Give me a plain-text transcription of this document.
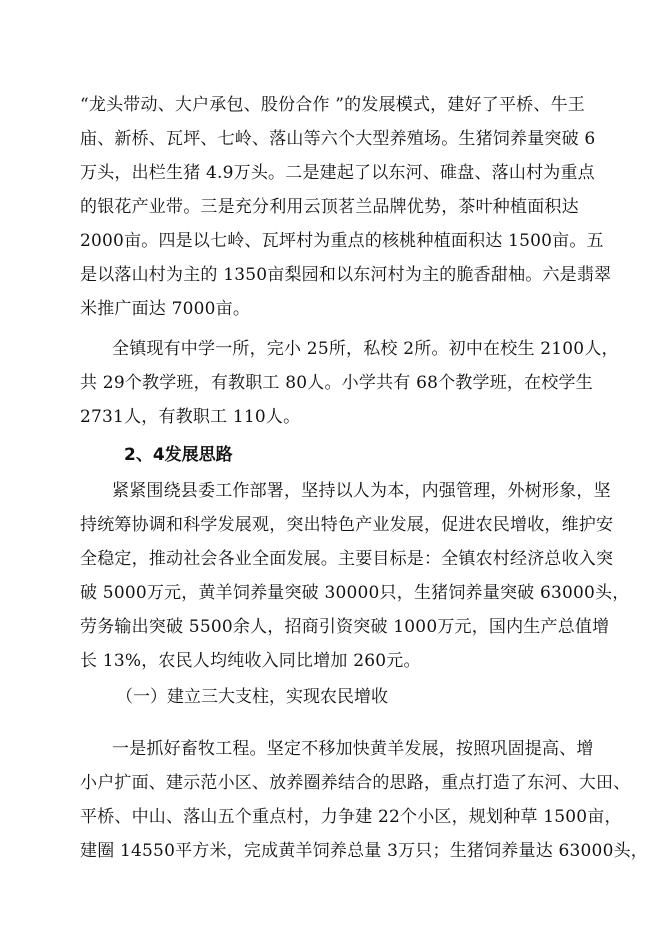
“龙头带动、大户承包、股份合作 ”的发展模式，建好了平桥、牛王
庙、新桥、瓦坪、七岭、落山等六个大型养殖场。生猪饲养量突破 6
万头，出栏生猪 4.9万头。二是建起了以东河、碓盘、落山村为重点
的银花产业带。三是充分利用云顶茗兰品牌优势，茶叶种植面积达
2000亩。四是以七岭、瓦坪村为重点的核桃种植面积达 1500亩。五
是以落山村为主的 1350亩梨园和以东河村为主的脆香甜柚。六是翡翠
米推广面达 7000亩。
全镇现有中学一所，完小 25所，私校 2所。初中在校生 2100人，
共 29个教学班，有教职工 80人。小学共有 68个教学班，在校学生
2731人，有教职工 110人。
2、4发展思路
紧紧围绕县委工作部署，坚持以人为本，内强管理，外树形象，坚
持统筹协调和科学发展观，突出特色产业发展，促进农民增收，维护安
全稳定，推动社会各业全面发展。主要目标是：全镇农村经济总收入突
破 5000万元，黄羊饲养量突破 30000只，生猪饲养量突破 63000头，
劳务输出突破 5500余人，招商引资突破 1000万元，国内生产总值增
长 13%，农民人均纯收入同比增加 260元。
（一）建立三大支柱，实现农民增收
一是抓好畜牧工程。坚定不移加快黄羊发展，按照巩固提高、增
小户扩面、建示范小区、放养圈养结合的思路，重点打造了东河、大田、
平桥、中山、落山五个重点村，力争建 22个小区，规划种草 1500亩，
建圈 14550平方米，完成黄羊饲养总量 3万只；生猪饲养量达 63000头，
